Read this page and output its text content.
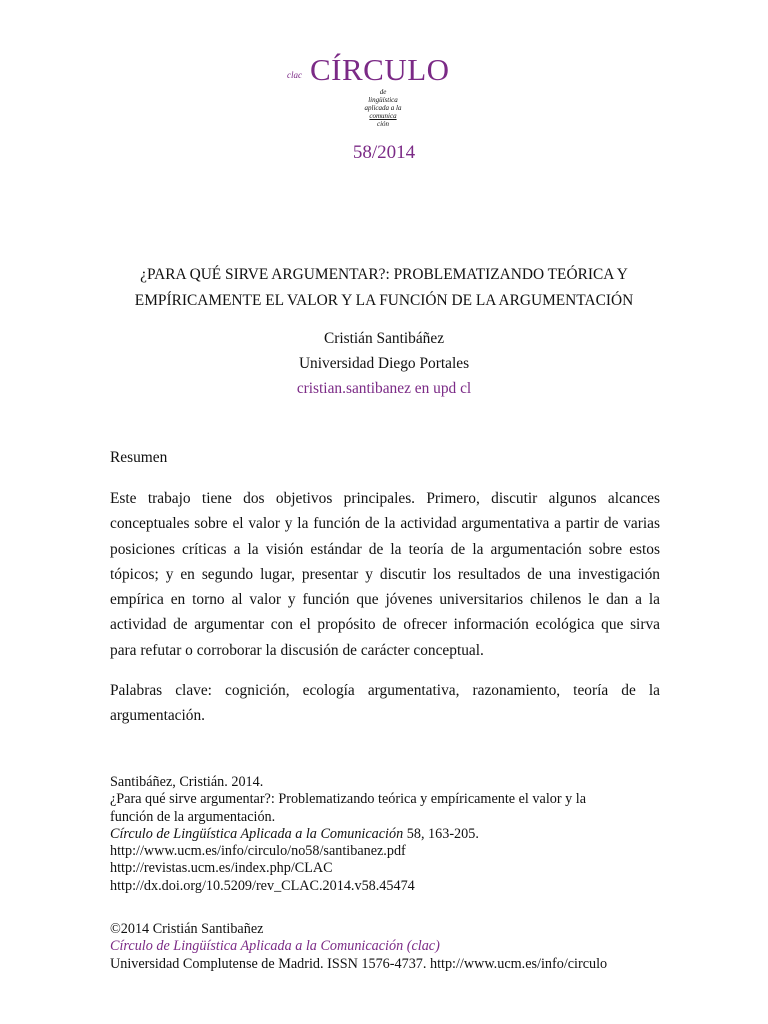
clac CÍRCULO
de
lingüística
aplicada a la
comunica
ción
58/2014
¿PARA QUÉ SIRVE ARGUMENTAR?: PROBLEMATIZANDO TEÓRICA Y
EMPÍRICAMENTE EL VALOR Y LA FUNCIÓN DE LA ARGUMENTACIÓN
Cristián Santibáñez
Universidad Diego Portales
cristian.santibanez en upd cl
Resumen
Este trabajo tiene dos objetivos principales. Primero, discutir algunos alcances
conceptuales sobre el valor y la función de la actividad argumentativa a partir de varias
posiciones críticas a la visión estándar de la teoría de la argumentación sobre estos
tópicos; y en segundo lugar, presentar y discutir los resultados de una investigación
empírica en torno al valor y función que jóvenes universitarios chilenos le dan a la
actividad de argumentar con el propósito de ofrecer información ecológica que sirva
para refutar o corroborar la discusión de carácter conceptual.
Palabras clave: cognición, ecología argumentativa, razonamiento, teoría de la
argumentación.
Santibáñez, Cristián. 2014.
¿Para qué sirve argumentar?: Problematizando teórica y empíricamente el valor y la
función de la argumentación.
Círculo de Lingüística Aplicada a la Comunicación 58, 163-205.
http://www.ucm.es/info/circulo/no58/santibanez.pdf
http://revistas.ucm.es/index.php/CLAC
http://dx.doi.org/10.5209/rev_CLAC.2014.v58.45474
©2014 Cristián Santibañez
Círculo de Lingüística Aplicada a la Comunicación (clac)
Universidad Complutense de Madrid. ISSN 1576-4737. http://www.ucm.es/info/circulo
